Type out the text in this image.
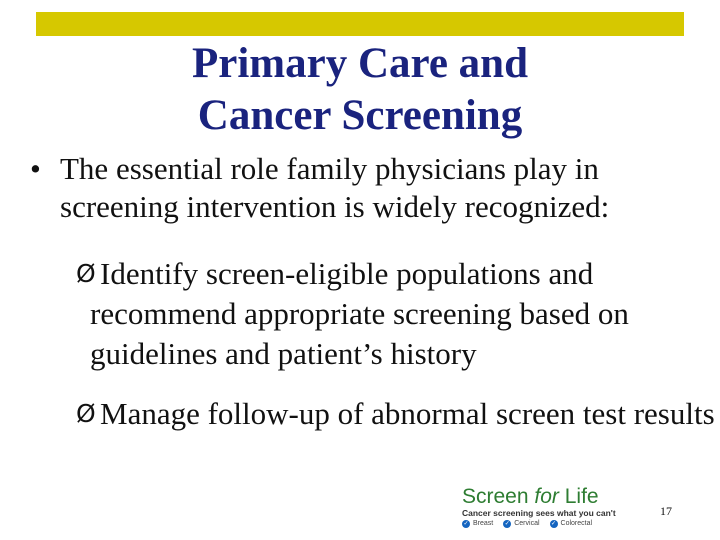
Primary Care and
Cancer Screening
• The essential role family physicians play in screening intervention is widely recognized:
Ø Identify screen-eligible populations and recommend appropriate screening based on guidelines and patient’s history
Ø Manage follow-up of abnormal screen test results
Screen for Life
Cancer screening sees what you can't
✓ Breast ✓ Cervical ✓ Colorectal
17
